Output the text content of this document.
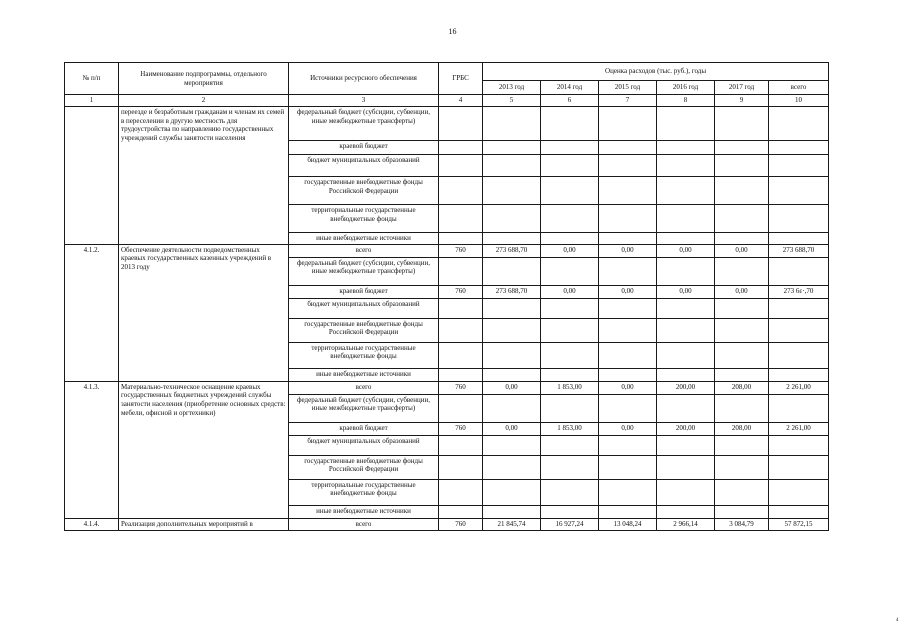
16
№ п/п	Наименование подпрограммы, отдельного мероприятия	Источники ресурсного обеспечения	ГРБС	Оценка расходов (тыс. руб.), годы					
				2013 год	2014 год	2015 год	2016 год	2017 год	всего
1	2	3	4	5	6	7	8	9	10
	переезде и безработным гражданам и членам их семей в переселении в другую местность для трудоустройства по направлению государственных учреждений службы занятости населения	федеральный бюджет (субсидии, субвенции, иные межбюджетные трансферты)							
		краевой бюджет							
		бюджет муниципальных образований							
		государственные внебюджетные фонды Российской Федерации							
		территориальные государственные внебюджетные фонды							
		иные внебюджетные источники							
4.1.2.	Обеспечение деятельности подведомственных краевых государственных казенных учреждений в 2013 году	всего	760	273 688,70	0,00	0,00	0,00	0,00	273 688,70
		федеральный бюджет (субсидии, субвенции, иные межбюджетные трансферты)							
		краевой бюджет	760	273 688,70	0,00	0,00	0,00	0,00	273 6ε·,70
		бюджет муниципальных образований							
		государственные внебюджетные фонды Российской Федерации							
		территориальные государственные внебюджетные фонды							
		иные внебюджетные источники							
4.1.3.	Материально-техническое оснащение краевых государственных бюджетных учреждений службы занятости населения (приобретение основных средств: мебели, офисной и оргтехники)	всего	760	0,00	1 853,00	0,00	200,00	208,00	2 261,00
		федеральный бюджет (субсидии, субвенции, иные межбюджетные трансферты)							
		краевой бюджет	760	0,00	1 853,00	0,00	200,00	208,00	2 261,00
		бюджет муниципальных образований							
		государственные внебюджетные фонды Российской Федерации							
		территориальные государственные внебюджетные фонды							
		иные внебюджетные источники							
4.1.4.	Реализация дополнительных мероприятий в	всего	760	21 845,74	16 927,24	13 048,24	2 966,14	3 084,79	57 872,15
4
